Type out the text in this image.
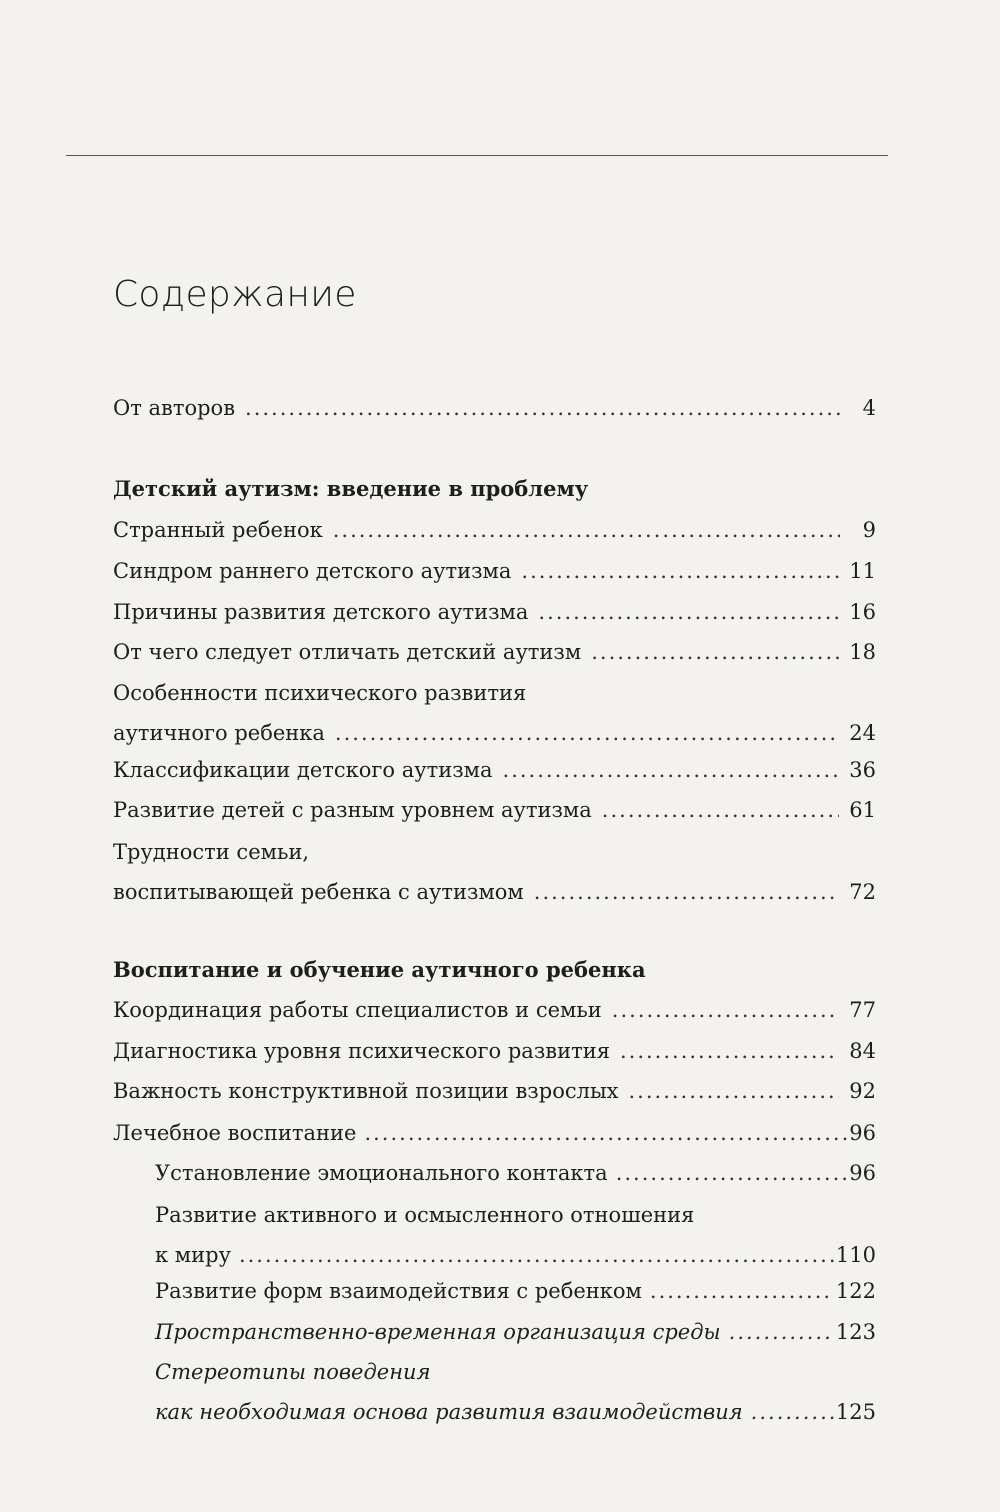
Содержание
От авторов .....	4
Детский аутизм: введение в проблему
Странный ребенок .....	9
Синдром раннего детского аутизма .....	11
Причины развития детского аутизма .....	16
От чего следует отличать детский аутизм .....	18
Особенности психического развития
аутичного ребенка .....	24
Классификации детского аутизма .....	36
Развитие детей с разным уровнем аутизма .....	61
Трудности семьи,
воспитывающей ребенка с аутизмом .....	72
Воспитание и обучение аутичного ребенка
Координация работы специалистов и семьи .....	77
Диагностика уровня психического развития .....	84
Важность конструктивной позиции взрослых .....	92
Лечебное воспитание .....	96
Установление эмоционального контакта .....	96
Развитие активного и осмысленного отношения
к миру .....	110
Развитие форм взаимодействия с ребенком .....	122
Пространственно-временная организация среды .....	123
Стереотипы поведения
как необходимая основа развития взаимодействия .....	125
